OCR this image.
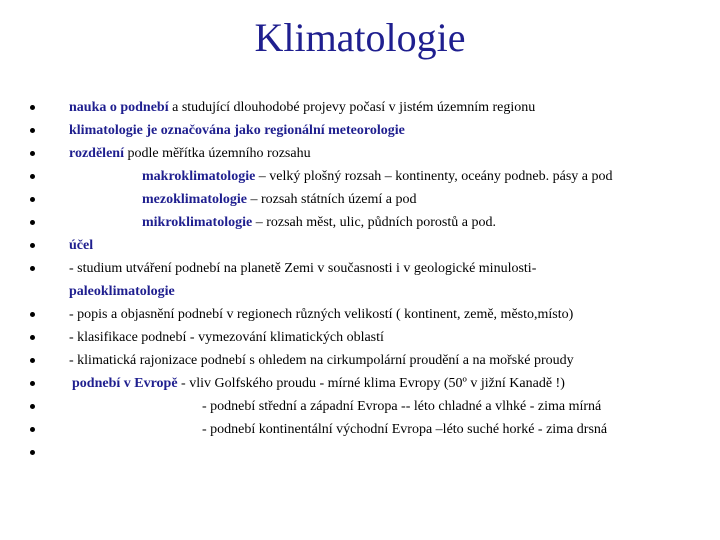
Klimatologie
nauka o podnebí a studující dlouhodobé projevy počasí v jistém územním regionu
klimatologie je označována jako regionální meteorologie
rozdělení podle měřítka územního rozsahu
makroklimatologie – velký plošný rozsah – kontinenty, oceány podneb. pásy a pod
mezoklimatologie – rozsah státních území a pod
mikroklimatologie – rozsah měst, ulic, půdních porostů a pod.
účel
- studium utváření podnebí na planetě Zemi v současnosti i v geologické minulosti-
paleoklimatologie
- popis a objasnění podnebí v regionech různých velikostí ( kontinent, země, město,místo)
- klasifikace podnebí - vymezování klimatických oblastí
- klimatická rajonizace podnebí s ohledem na cirkumpolární proudění a na mořské proudy
podnebí v Evropě - vliv Golfského proudu - mírné klima Evropy (50º v jižní Kanadě !)
- podnebí střední a západní Evropa -- léto chladné a vlhké - zima mírná
- podnebí kontinentální východní Evropa –léto suché horké - zima drsná
